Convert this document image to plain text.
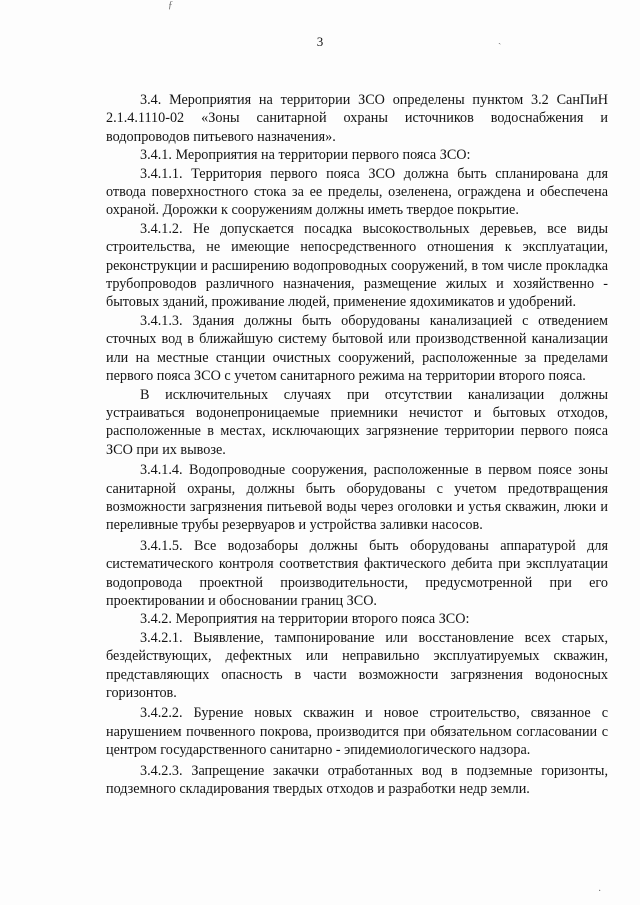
ƒ
ˎ
·
3

3.4. Мероприятия на территории ЗСО определены пунктом 3.2 СанПиН 2.1.4.1110-02 «Зоны санитарной охраны источников водоснабжения и водопроводов питьевого назначения».

3.4.1. Мероприятия на территории первого пояса ЗСО:

3.4.1.1. Территория первого пояса ЗСО должна быть спланирована для отвода поверхностного стока за ее пределы, озеленена, ограждена и обеспечена охраной. Дорожки к сооружениям должны иметь твердое покрытие.

3.4.1.2. Не допускается посадка высокоствольных деревьев, все виды строительства, не имеющие непосредственного отношения к эксплуатации, реконструкции и расширению водопроводных сооружений, в том числе прокладка трубопроводов различного назначения, размещение жилых и хозяйственно - бытовых зданий, проживание людей, применение ядохимикатов и удобрений.

3.4.1.3. Здания должны быть оборудованы канализацией с отведением сточных вод в ближайшую систему бытовой или производственной канализации или на местные станции очистных сооружений, расположенные за пределами первого пояса ЗСО с учетом санитарного режима на территории второго пояса.

В исключительных случаях при отсутствии канализации должны устраиваться водонепроницаемые приемники нечистот и бытовых отходов, расположенные в местах, исключающих загрязнение территории первого пояса ЗСО при их вывозе.

3.4.1.4. Водопроводные сооружения, расположенные в первом поясе зоны санитарной охраны, должны быть оборудованы с учетом предотвращения возможности загрязнения питьевой воды через оголовки и устья скважин, люки и переливные трубы резервуаров и устройства заливки насосов.

3.4.1.5. Все водозаборы должны быть оборудованы аппаратурой для систематического контроля соответствия фактического дебита при эксплуатации водопровода проектной производительности, предусмотренной при его проектировании и обосновании границ ЗСО.

3.4.2. Мероприятия на территории второго пояса ЗСО:

3.4.2.1. Выявление, тампонирование или восстановление всех старых, бездействующих, дефектных или неправильно эксплуатируемых скважин, представляющих опасность в части возможности загрязнения водоносных горизонтов.

3.4.2.2. Бурение новых скважин и новое строительство, связанное с нарушением почвенного покрова, производится при обязательном согласовании с центром государственного санитарно - эпидемиологического надзора.

3.4.2.3. Запрещение закачки отработанных вод в подземные горизонты, подземного складирования твердых отходов и разработки недр земли.
